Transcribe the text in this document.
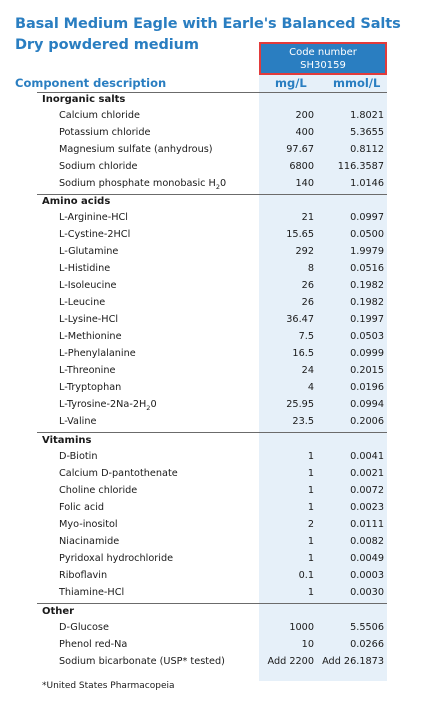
Basal Medium Eagle with Earle's Balanced Salts
Dry powdered medium	Code number
SH30159
Component description	mg/L mmol/L
Inorganic salts
Calcium chloride	200	1.8021
Potassium chloride	400	5.3655
Magnesium sulfate (anhydrous)	97.67	0.8112
Sodium chloride	6800	116.3587
Sodium phosphate monobasic $H_20$	140	1.0146
Amino acids
L-Arginine-HCl	21	0.0997
L-Cystine-2HCl	15.65	0.0500
L-Glutamine	292	1.9979
L-Histidine	8	0.0516
L-Isoleucine	26	0.1982
L-Leucine	26	0.1982
L-Lysine-HCl	36.47	0.1997
L-Methionine	7.5	0.0503
L-Phenylalanine	16.5	0.0999
L-Threonine	24	0.2015
L-Tryptophan	4	0.0196
$L-Tyrosine-2Na-2H_20$	25.95	0.0994
L-Valine	23.5	0.2006
Vitamins
D-Biotin	1	0.0041
Calcium D-pantothenate	1	0.0021
Choline chloride	1	0.0072
Folic acid	1	0.0023
Myo-inositol	2	0.0111
Niacinamide	1	0.0082
Pyridoxal hydrochloride	1	0.0049
Riboflavin	0.1	0.0003
Thiamine-HCl	1	0.0030
Other
D-Glucose	1000	5.5506
Phenol red-Na	10	0.0266
Sodium bicarbonate (USP* tested)	Add 2200 Add 26.1873
*United States Pharmacopeia
